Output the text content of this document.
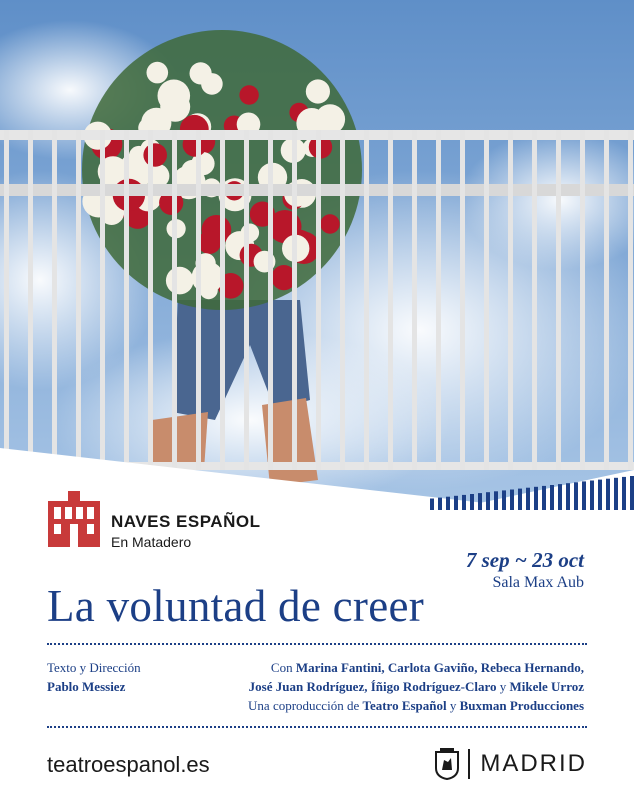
NAVES ESPAÑOL
En Matadero
7 sep ~ 23 oct
Sala Max Aub
La voluntad de creer
Texto y Dirección
Pablo Messiez
Con Marina Fantini, Carlota Gaviño, Rebeca Hernando,
José Juan Rodríguez, Íñigo Rodríguez-Claro y Mikele Urroz
Una coproducción de Teatro Español y Buxman Producciones
teatroespanol.es	MADRID
